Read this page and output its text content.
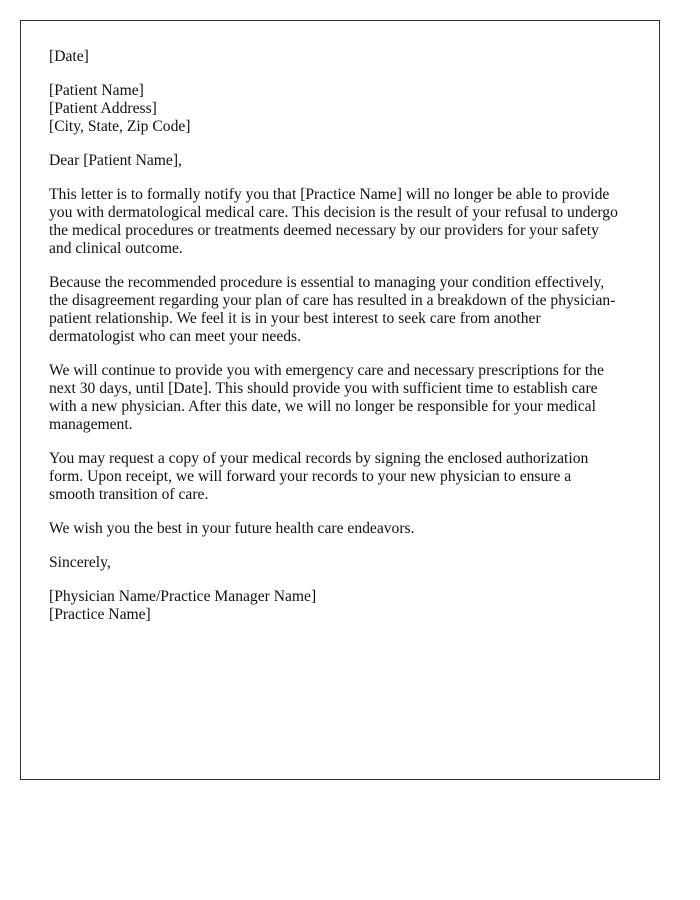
[Date]
[Patient Name]
[Patient Address]
[City, State, Zip Code]
Dear [Patient Name],

This letter is to formally notify you that [Practice Name] will no longer be able to provide
you with dermatological medical care. This decision is the result of your refusal to undergo
the medical procedures or treatments deemed necessary by our providers for your safety
and clinical outcome.

Because the recommended procedure is essential to managing your condition effectively,
the disagreement regarding your plan of care has resulted in a breakdown of the physician-
patient relationship. We feel it is in your best interest to seek care from another
dermatologist who can meet your needs.

We will continue to provide you with emergency care and necessary prescriptions for the
next 30 days, until [Date]. This should provide you with sufficient time to establish care
with a new physician. After this date, we will no longer be responsible for your medical
management.

You may request a copy of your medical records by signing the enclosed authorization
form. Upon receipt, we will forward your records to your new physician to ensure a
smooth transition of care.

We wish you the best in your future health care endeavors.

Sincerely,
[Physician Name/Practice Manager Name]
[Practice Name]
